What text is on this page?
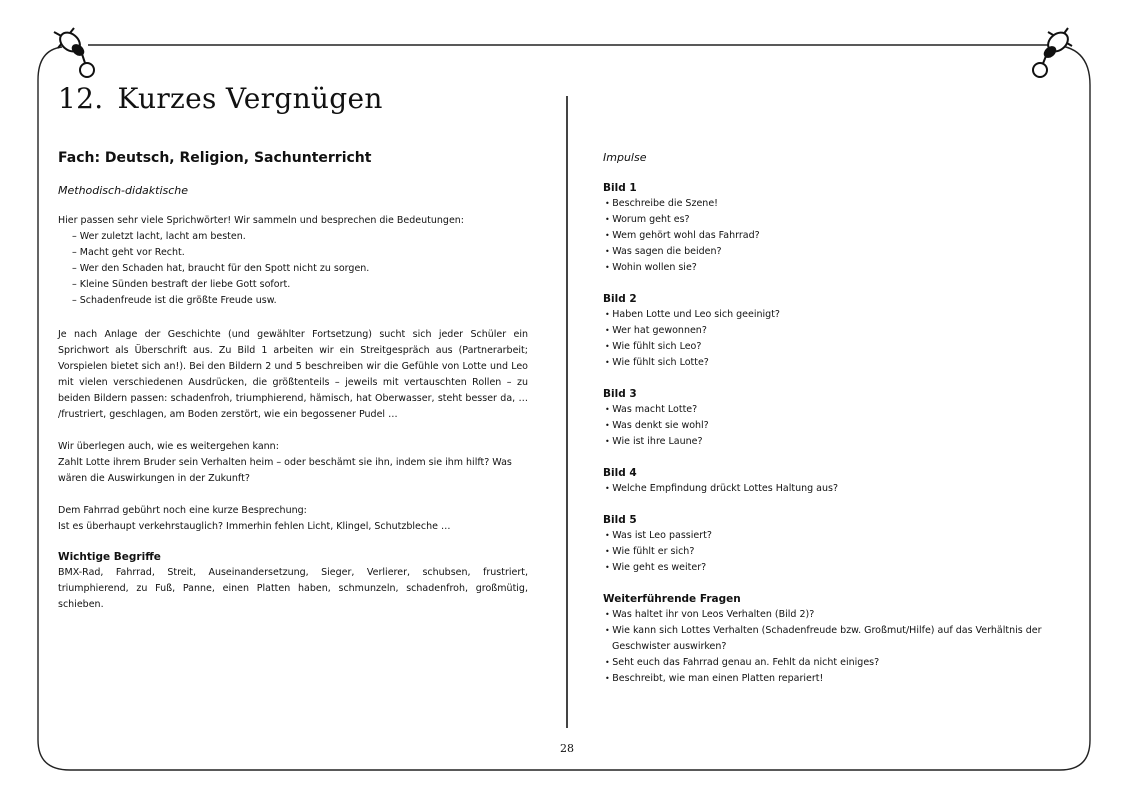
12. Kurzes Vergnügen

Fach: Deutsch, Religion, Sachunterricht

Methodisch-didaktische

Hier passen sehr viele Sprichwörter! Wir sammeln und besprechen die Bedeutungen:

– Wer zuletzt lacht, lacht am besten.
– Macht geht vor Recht.
– Wer den Schaden hat, braucht für den Spott nicht zu sorgen.
– Kleine Sünden bestraft der liebe Gott sofort.
– Schadenfreude ist die größte Freude usw.

Je nach Anlage der Geschichte (und gewählter Fortsetzung) sucht sich jeder Schüler ein Sprichwort als Überschrift aus. Zu Bild 1 arbeiten wir ein Streitgespräch aus (Partnerarbeit; Vorspielen bietet sich an!). Bei den Bildern 2 und 5 beschreiben wir die Gefühle von Lotte und Leo mit vielen verschiedenen Ausdrücken, die größtenteils – jeweils mit vertauschten Rollen – zu beiden Bildern passen: schadenfroh, triumphierend, hämisch, hat Oberwasser, steht besser da, … /frustriert, geschlagen, am Boden zerstört, wie ein begossener Pudel …

Wir überlegen auch, wie es weitergehen kann:

Zahlt Lotte ihrem Bruder sein Verhalten heim – oder beschämt sie ihn, indem sie ihm hilft? Was wären die Auswirkungen in der Zukunft?

Dem Fahrrad gebührt noch eine kurze Besprechung:

Ist es überhaupt verkehrstauglich? Immerhin fehlen Licht, Klingel, Schutzbleche …

Wichtige Begriffe

BMX-Rad, Fahrrad, Streit, Auseinandersetzung, Sieger, Verlierer, schubsen, frustriert, triumphierend, zu Fuß, Panne, einen Platten haben, schmunzeln, schadenfroh, großmütig, schieben.

Impulse

Bild 1

• Beschreibe die Szene!
• Worum geht es?
• Wem gehört wohl das Fahrrad?
• Was sagen die beiden?
• Wohin wollen sie?

Bild 2

• Haben Lotte und Leo sich geeinigt?
• Wer hat gewonnen?
• Wie fühlt sich Leo?
• Wie fühlt sich Lotte?

Bild 3

• Was macht Lotte?
• Was denkt sie wohl?
• Wie ist ihre Laune?

Bild 4

• Welche Empfindung drückt Lottes Haltung aus?

Bild 5

• Was ist Leo passiert?
• Wie fühlt er sich?
• Wie geht es weiter?

Weiterführende Fragen

• Was haltet ihr von Leos Verhalten (Bild 2)?
• Wie kann sich Lottes Verhalten (Schadenfreude bzw. Großmut/Hilfe) auf das Verhältnis der Geschwister auswirken?
• Seht euch das Fahrrad genau an. Fehlt da nicht einiges?
• Beschreibt, wie man einen Platten repariert!
28
